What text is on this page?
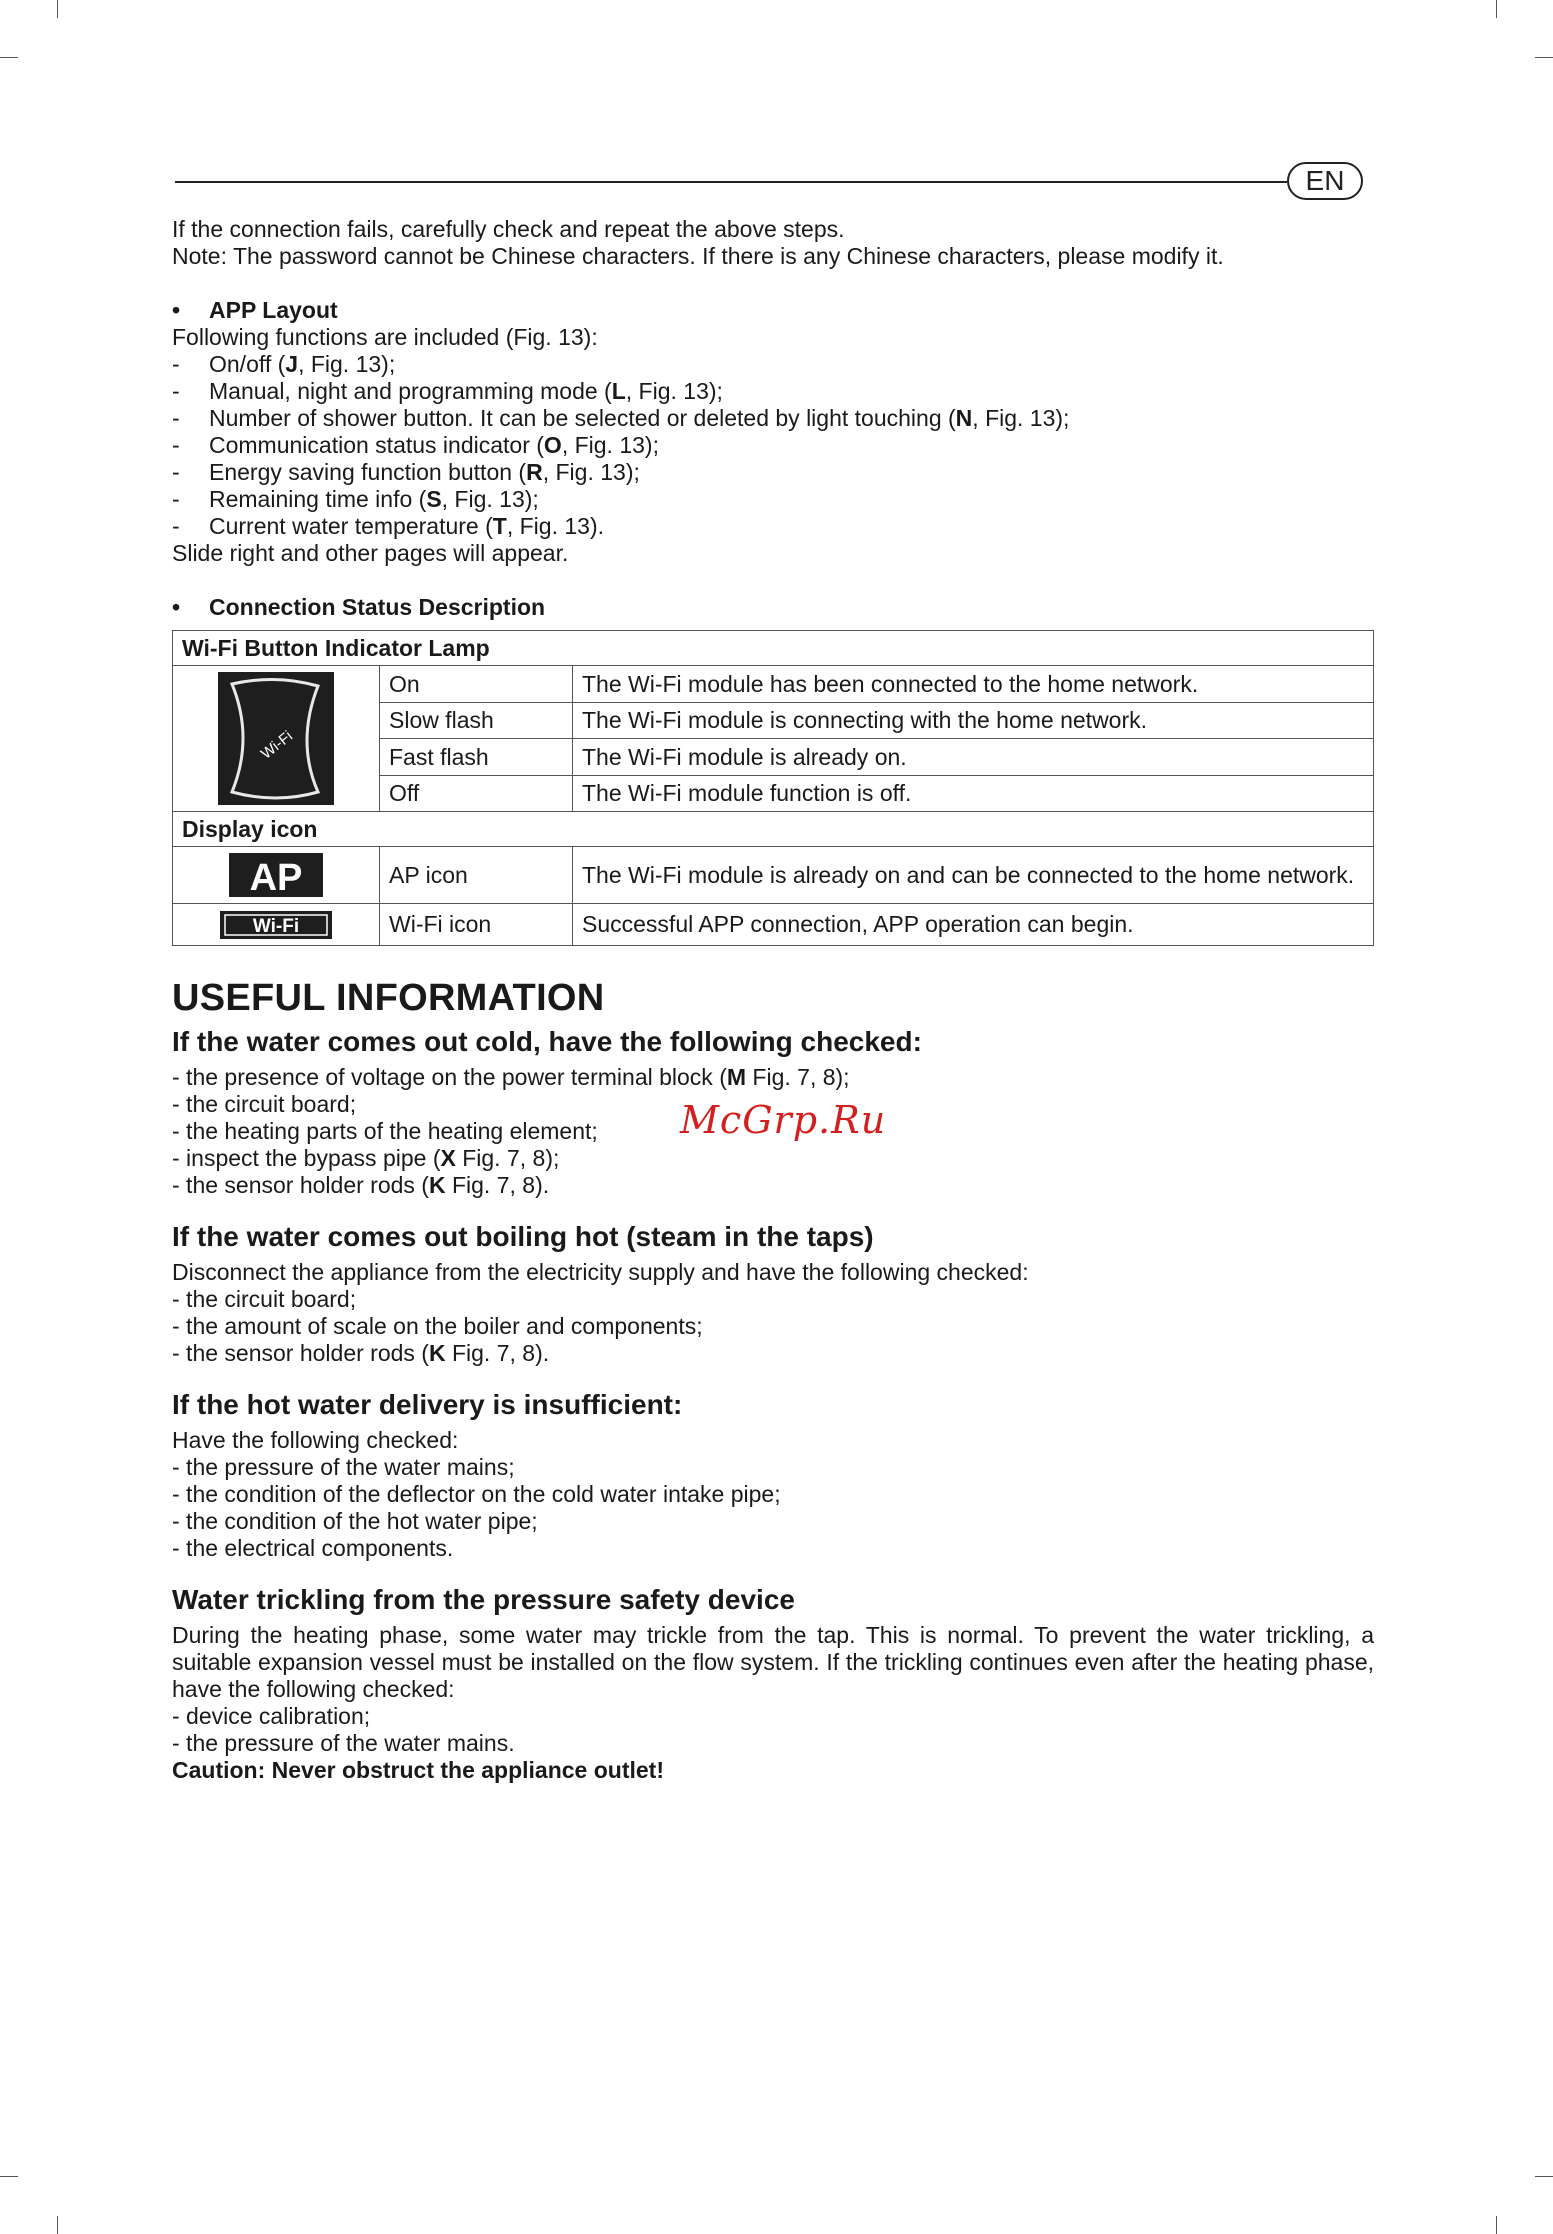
EN

If the connection fails, carefully check and repeat the above steps.

Note: The password cannot be Chinese characters. If there is any Chinese characters, please modify it.

•	APP Layout

Following functions are included (Fig. 13):

-	On/off (J, Fig. 13);
-	Manual, night and programming mode (L, Fig. 13);
-	Number of shower button. It can be selected or deleted by light touching (N, Fig. 13);
-	Communication status indicator (O, Fig. 13);
-	Energy saving function button (R, Fig. 13);
-	Remaining time info (S, Fig. 13);
-	Current water temperature (T, Fig. 13).

Slide right and other pages will appear.

•	Connection Status Description
Wi-Fi Button Indicator Lamp		

Wi-Fi	On	The Wi-Fi module has been connected to the home network.
	Slow flash	The Wi-Fi module is connecting with the home network.
	Fast flash	The Wi-Fi module is already on.
	Off	The Wi-Fi module function is off.
Display icon		

AP	AP icon	The Wi-Fi module is already on and can be connected to the home network.

Wi-Fi	Wi-Fi icon	Successful APP connection, APP operation can begin.
USEFUL INFORMATION
If the water comes out cold, have the following checked:

- the presence of voltage on the power terminal block (M Fig. 7, 8);

- the circuit board;

- the heating parts of the heating element;

- inspect the bypass pipe (X Fig. 7, 8);

- the sensor holder rods (K Fig. 7, 8).

If the water comes out boiling hot (steam in the taps)

Disconnect the appliance from the electricity supply and have the following checked:

- the circuit board;

- the amount of scale on the boiler and components;

- the sensor holder rods (K Fig. 7, 8).

If the hot water delivery is insufficient:

Have the following checked:

- the pressure of the water mains;

- the condition of the deflector on the cold water intake pipe;

- the condition of the hot water pipe;

- the electrical components.

Water trickling from the pressure safety device

During the heating phase, some water may trickle from the tap. This is normal. To prevent the water trickling, a suitable expansion vessel must be installed on the flow system. If the trickling continues even after the heating phase, have the following checked:

- device calibration;

- the pressure of the water mains.

Caution: Never obstruct the appliance outlet!

McGrp.Ru
